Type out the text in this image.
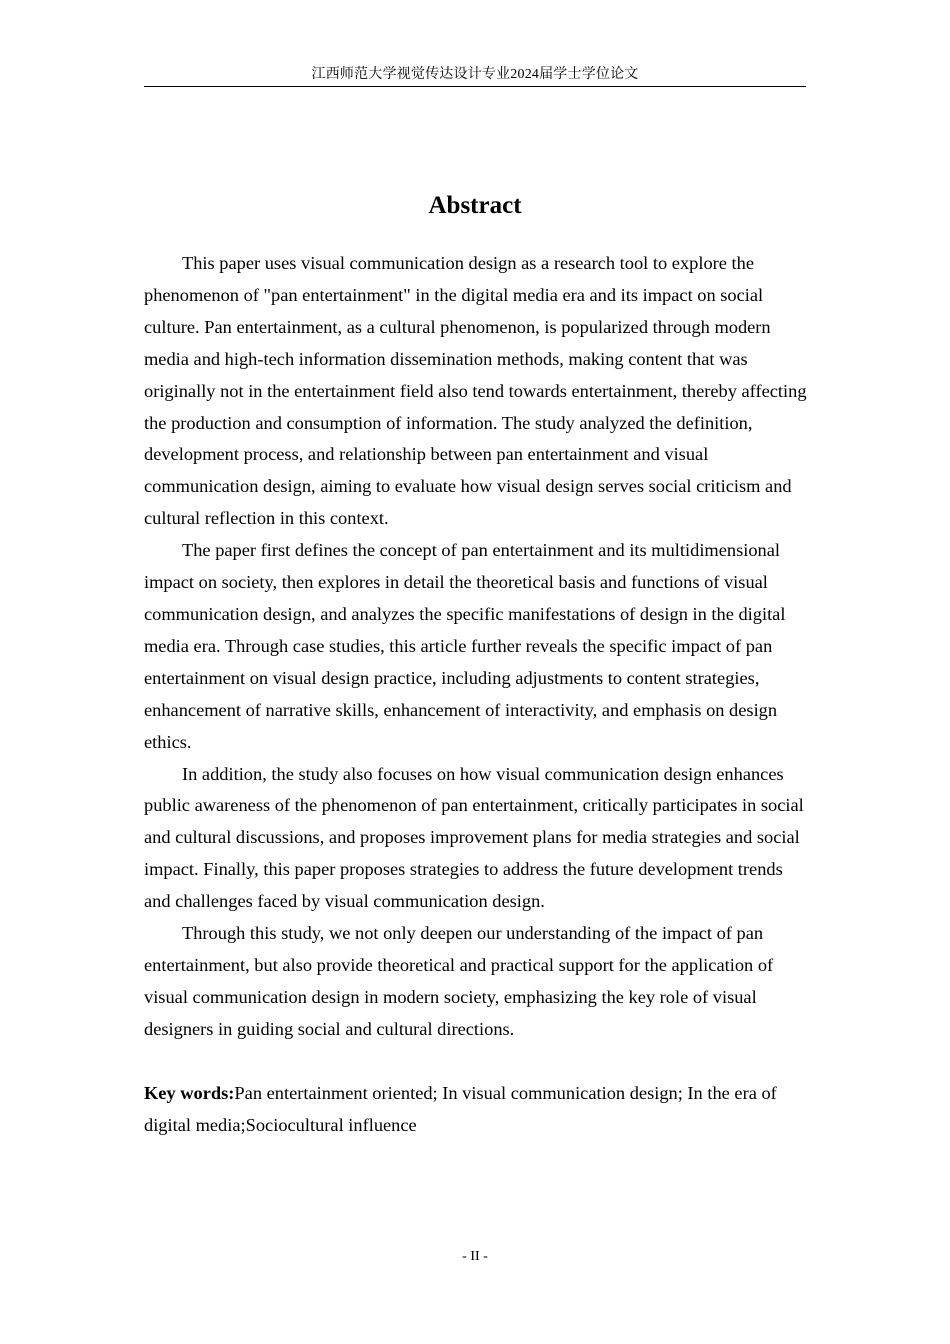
江西师范大学视觉传达设计专业2024届学士学位论文
Abstract

This paper uses visual communication design as a research tool to explore the phenomenon of "pan entertainment" in the digital media era and its impact on social culture. Pan entertainment, as a cultural phenomenon, is popularized through modern media and high-tech information dissemination methods, making content that was originally not in the entertainment field also tend towards entertainment, thereby affecting the production and consumption of information. The study analyzed the definition, development process, and relationship between pan entertainment and visual communication design, aiming to evaluate how visual design serves social criticism and cultural reflection in this context.

The paper first defines the concept of pan entertainment and its multidimensional impact on society, then explores in detail the theoretical basis and functions of visual communication design, and analyzes the specific manifestations of design in the digital media era. Through case studies, this article further reveals the specific impact of pan entertainment on visual design practice, including adjustments to content strategies, enhancement of narrative skills, enhancement of interactivity, and emphasis on design ethics.

In addition, the study also focuses on how visual communication design enhances public awareness of the phenomenon of pan entertainment, critically participates in social and cultural discussions, and proposes improvement plans for media strategies and social impact. Finally, this paper proposes strategies to address the future development trends and challenges faced by visual communication design.

Through this study, we not only deepen our understanding of the impact of pan entertainment, but also provide theoretical and practical support for the application of visual communication design in modern society, emphasizing the key role of visual designers in guiding social and cultural directions.

Key words:Pan entertainment oriented; In visual communication design; In the era of digital media;Sociocultural influence

- II -
